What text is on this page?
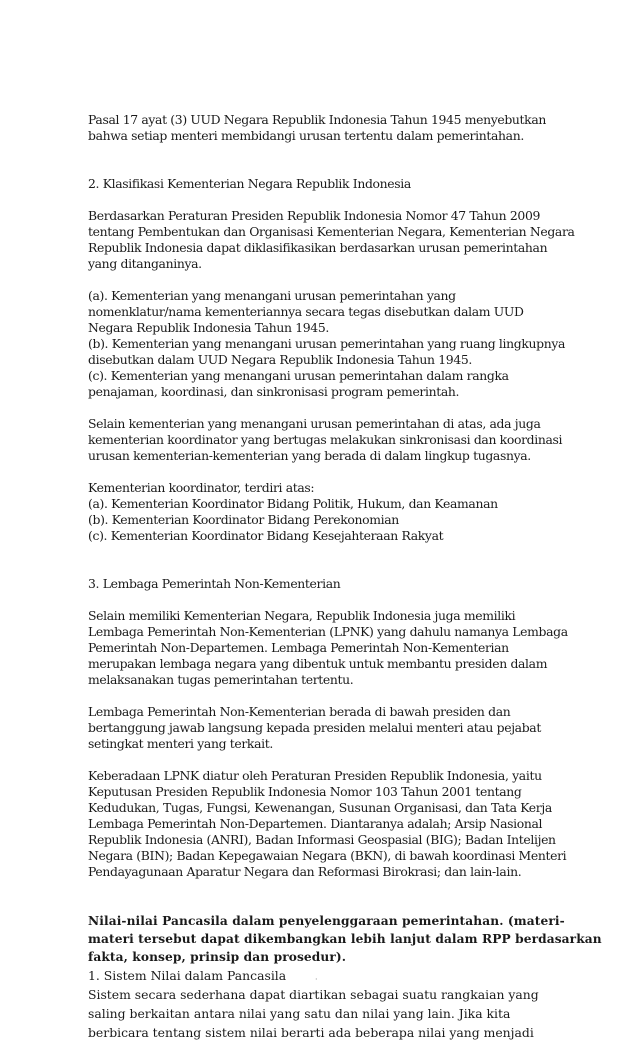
Pasal 17 ayat (3) UUD Negara Republik Indonesia Tahun 1945 menyebutkan
bahwa setiap menteri membidangi urusan tertentu dalam pemerintahan.
2. Klasifikasi Kementerian Negara Republik Indonesia
Berdasarkan Peraturan Presiden Republik Indonesia Nomor 47 Tahun 2009
tentang Pembentukan dan Organisasi Kementerian Negara, Kementerian Negara
Republik Indonesia dapat diklasifikasikan berdasarkan urusan pemerintahan
yang ditanganinya.
(a). Kementerian yang menangani urusan pemerintahan yang
nomenklatur/nama kementeriannya secara tegas disebutkan dalam UUD
Negara Republik Indonesia Tahun 1945.
(b). Kementerian yang menangani urusan pemerintahan yang ruang lingkupnya
disebutkan dalam UUD Negara Republik Indonesia Tahun 1945.
(c). Kementerian yang menangani urusan pemerintahan dalam rangka
penajaman, koordinasi, dan sinkronisasi program pemerintah.
Selain kementerian yang menangani urusan pemerintahan di atas, ada juga
kementerian koordinator yang bertugas melakukan sinkronisasi dan koordinasi
urusan kementerian-kementerian yang berada di dalam lingkup tugasnya.
Kementerian koordinator, terdiri atas:
(a). Kementerian Koordinator Bidang Politik, Hukum, dan Keamanan
(b). Kementerian Koordinator Bidang Perekonomian
(c). Kementerian Koordinator Bidang Kesejahteraan Rakyat
3. Lembaga Pemerintah Non-Kementerian
Selain memiliki Kementerian Negara, Republik Indonesia juga memiliki
Lembaga Pemerintah Non-Kementerian (LPNK) yang dahulu namanya Lembaga
Pemerintah Non-Departemen. Lembaga Pemerintah Non-Kementerian
merupakan lembaga negara yang dibentuk untuk membantu presiden dalam
melaksanakan tugas pemerintahan tertentu.
Lembaga Pemerintah Non-Kementerian berada di bawah presiden dan
bertanggung jawab langsung kepada presiden melalui menteri atau pejabat
setingkat menteri yang terkait.
Keberadaan LPNK diatur oleh Peraturan Presiden Republik Indonesia, yaitu
Keputusan Presiden Republik Indonesia Nomor 103 Tahun 2001 tentang
Kedudukan, Tugas, Fungsi, Kewenangan, Susunan Organisasi, dan Tata Kerja
Lembaga Pemerintah Non-Departemen. Diantaranya adalah; Arsip Nasional
Republik Indonesia (ANRI), Badan Informasi Geospasial (BIG); Badan Intelijen
Negara (BIN); Badan Kepegawaian Negara (BKN), di bawah koordinasi Menteri
Pendayagunaan Aparatur Negara dan Reformasi Birokrasi; dan lain-lain.
Nilai-nilai Pancasila dalam penyelenggaraan pemerintahan. (materi-
materi tersebut dapat dikembangkan lebih lanjut dalam RPP berdasarkan
fakta, konsep, prinsip dan prosedur).
1. Sistem Nilai dalam Pancasila
Sistem secara sederhana dapat diartikan sebagai suatu rangkaian yang
saling berkaitan antara nilai yang satu dan nilai yang lain. Jika kita
berbicara tentang sistem nilai berarti ada beberapa nilai yang menjadi
·
